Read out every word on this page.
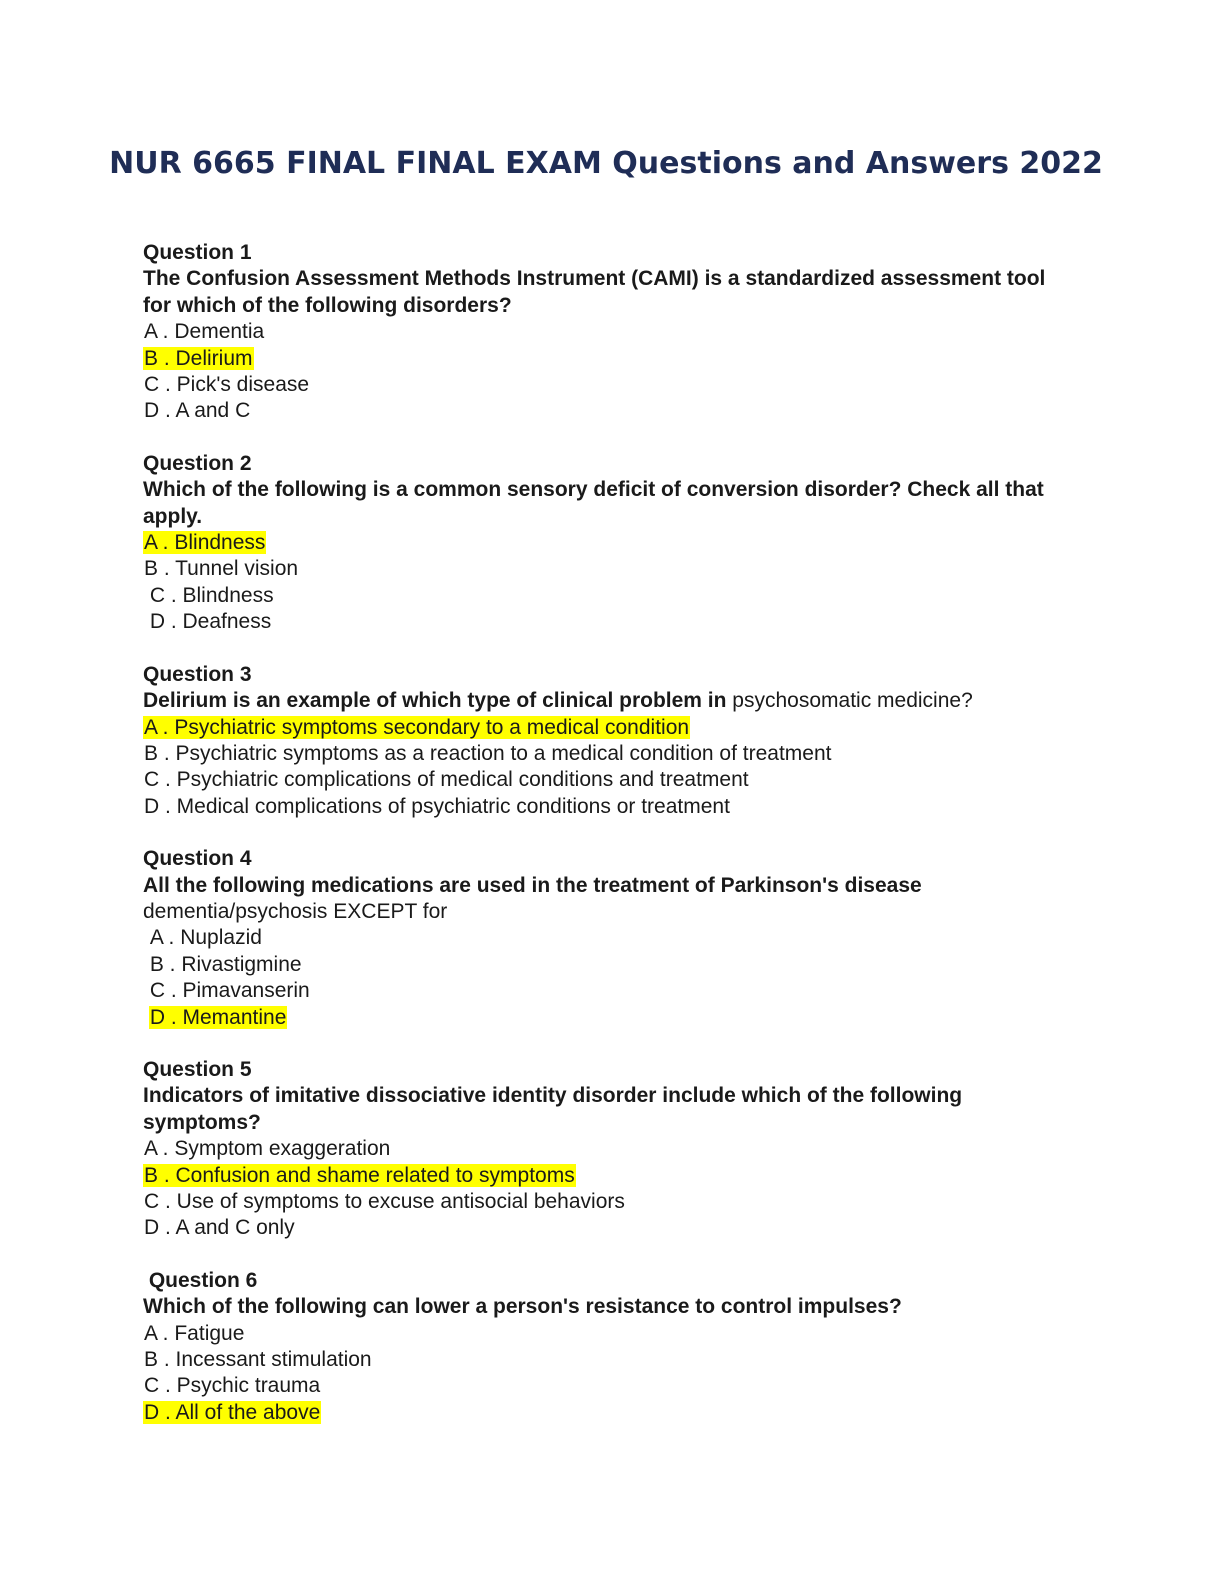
NUR 6665 FINAL FINAL EXAM Questions and Answers 2022
Question 1
The Confusion Assessment Methods Instrument (CAMI) is a standardized assessment tool for which of the following disorders?
A . Dementia
B . Delirium
C . Pick's disease
D . A and C
Question 2
Which of the following is a common sensory deficit of conversion disorder? Check all that apply.
A . Blindness
B . Tunnel vision
C . Blindness
D . Deafness
Question 3
Delirium is an example of which type of clinical problem in psychosomatic medicine?
A . Psychiatric symptoms secondary to a medical condition
B . Psychiatric symptoms as a reaction to a medical condition of treatment
C . Psychiatric complications of medical conditions and treatment
D . Medical complications of psychiatric conditions or treatment
Question 4
All the following medications are used in the treatment of Parkinson's disease dementia/psychosis EXCEPT for
A . Nuplazid
B . Rivastigmine
C . Pimavanserin
D . Memantine
Question 5
Indicators of imitative dissociative identity disorder include which of the following symptoms?
A . Symptom exaggeration
B . Confusion and shame related to symptoms
C . Use of symptoms to excuse antisocial behaviors
D . A and C only
Question 6
Which of the following can lower a person's resistance to control impulses?
A . Fatigue
B . Incessant stimulation
C . Psychic trauma
D . All of the above
